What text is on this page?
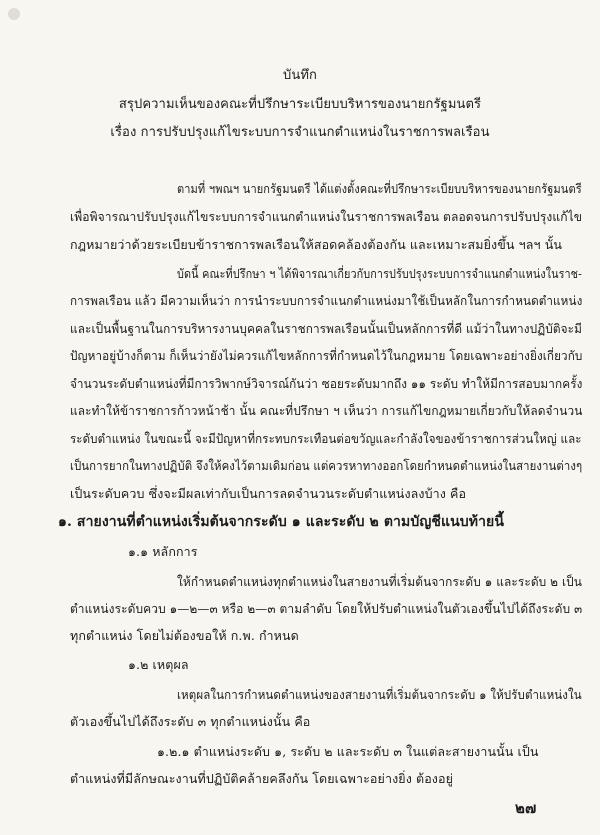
บันทึก
สรุปความเห็นของคณะที่ปรึกษาระเบียบบริหารของนายกรัฐมนตรี
เรื่อง การปรับปรุงแก้ไขระบบการจำแนกตำแหน่งในราชการพลเรือน
ตามที่ ฯพณฯ นายกรัฐมนตรี ได้แต่งตั้งคณะที่ปรึกษาระเบียบบริหารของนายกรัฐมนตรี
เพื่อพิจารณาปรับปรุงแก้ไขระบบการจำแนกตำแหน่งในราชการพลเรือน ตลอดจนการปรับปรุงแก้ไข
กฎหมายว่าด้วยระเบียบข้าราชการพลเรือนให้สอดคล้องต้องกัน และเหมาะสมยิ่งขึ้น ฯลฯ นั้น
บัดนี้ คณะที่ปรึกษา ฯ ได้พิจารณาเกี่ยวกับการปรับปรุงระบบการจำแนกตำแหน่งในราช-
การพลเรือน แล้ว มีความเห็นว่า การนำระบบการจำแนกตำแหน่งมาใช้เป็นหลักในการกำหนดตำแหน่ง
และเป็นพื้นฐานในการบริหารงานบุคคลในราชการพลเรือนนั้นเป็นหลักการที่ดี แม้ว่าในทางปฏิบัติจะมี
ปัญหาอยู่บ้างก็ตาม ก็เห็นว่ายังไม่ควรแก้ไขหลักการที่กำหนดไว้ในกฎหมาย โดยเฉพาะอย่างยิ่งเกี่ยวกับ
จำนวนระดับตำแหน่งที่มีการวิพากษ์วิจารณ์กันว่า ซอยระดับมากถึง ๑๑ ระดับ ทำให้มีการสอบมากครั้ง
และทำให้ข้าราชการก้าวหน้าช้า นั้น คณะที่ปรึกษา ฯ เห็นว่า การแก้ไขกฎหมายเกี่ยวกับให้ลดจำนวน
ระดับตำแหน่ง ในขณะนี้ จะมีปัญหาที่กระทบกระเทือนต่อขวัญและกำลังใจของข้าราชการส่วนใหญ่ และ
เป็นการยากในทางปฏิบัติ จึงให้คงไว้ตามเดิมก่อน แต่ควรหาทางออกโดยกำหนดตำแหน่งในสายงานต่างๆ
เป็นระดับควบ ซึ่งจะมีผลเท่ากับเป็นการลดจำนวนระดับตำแหน่งลงบ้าง คือ
๑. สายงานที่ตำแหน่งเริ่มต้นจากระดับ ๑ และระดับ ๒ ตามบัญชีแนบท้ายนี้
๑.๑ หลักการ
ให้กำหนดตำแหน่งทุกตำแหน่งในสายงานที่เริ่มต้นจากระดับ ๑ และระดับ ๒ เป็น
ตำแหน่งระดับควบ ๑—๒—๓ หรือ ๒—๓ ตามลำดับ โดยให้ปรับตำแหน่งในตัวเองขึ้นไปได้ถึงระดับ ๓
ทุกตำแหน่ง โดยไม่ต้องขอให้ ก.พ. กำหนด
๑.๒ เหตุผล
เหตุผลในการกำหนดตำแหน่งของสายงานที่เริ่มต้นจากระดับ ๑ ให้ปรับตำแหน่งใน
ตัวเองขึ้นไปได้ถึงระดับ ๓ ทุกตำแหน่งนั้น คือ
๑.๒.๑ ตำแหน่งระดับ ๑, ระดับ ๒ และระดับ ๓ ในแต่ละสายงานนั้น เป็น
ตำแหน่งที่มีลักษณะงานที่ปฏิบัติคล้ายคลึงกัน โดยเฉพาะอย่างยิ่ง ต้องอยู่
๒๗
